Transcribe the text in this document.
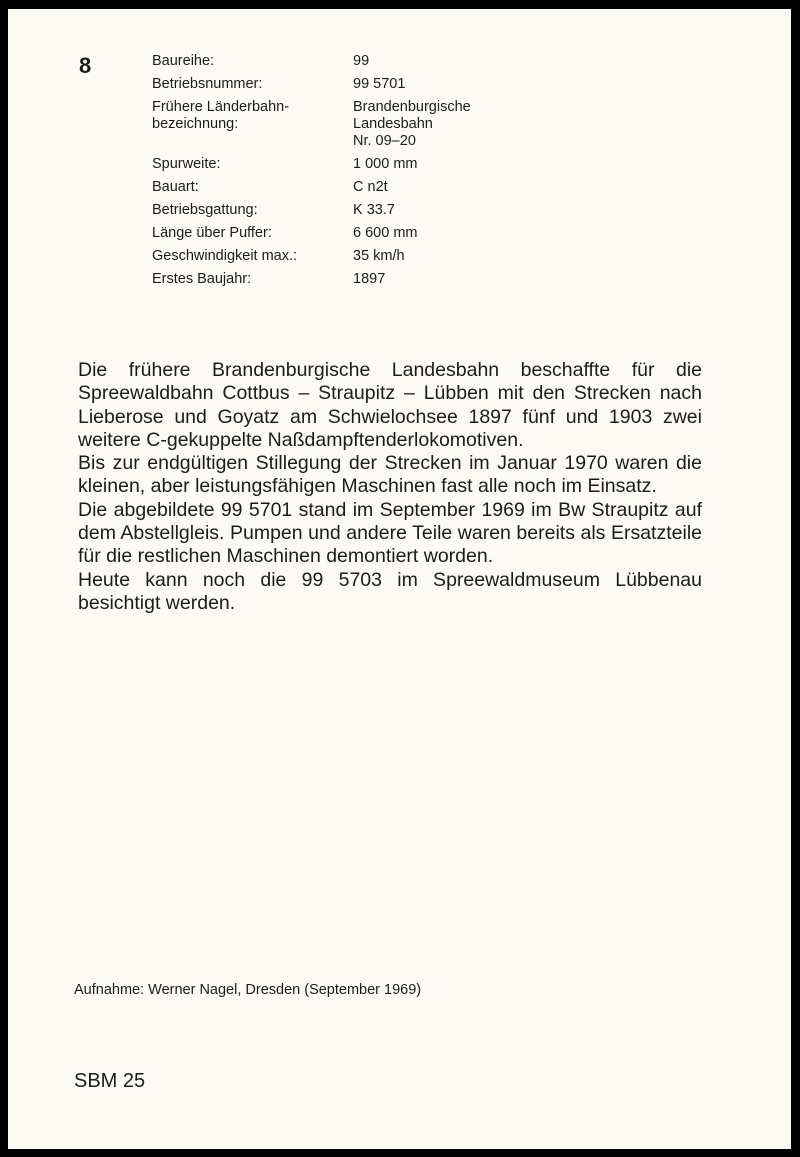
8	Baureihe:	99
Betriebsnummer:	99 5701
Frühere Länderbahn-
bezeichnung:
Brandenburgische
Landesbahn
Nr. 09–20
Spurweite:	1 000 mm
Bauart:	C n2t
Betriebsgattung:	K 33.7
Länge über Puffer:	6 600 mm
Geschwindigkeit max.:	35 km/h
Erstes Baujahr:	1897

Die frühere Brandenburgische Landesbahn beschaffte für die Spreewaldbahn Cottbus – Straupitz – Lübben mit den Strecken nach Lieberose und Goyatz am Schwielochsee 1897 fünf und 1903 zwei weitere C-gekuppelte Naßdampftenderlokomotiven.

Bis zur endgültigen Stillegung der Strecken im Januar 1970 waren die kleinen, aber leistungsfähigen Maschinen fast alle noch im Einsatz.

Die abgebildete 99 5701 stand im September 1969 im Bw Straupitz auf dem Abstellgleis. Pumpen und andere Teile waren bereits als Ersatzteile für die restlichen Maschinen demontiert worden.

Heute kann noch die 99 5703 im Spreewaldmuseum Lübbenau besichtigt werden.

Aufnahme: Werner Nagel, Dresden (September 1969)
SBM 25
